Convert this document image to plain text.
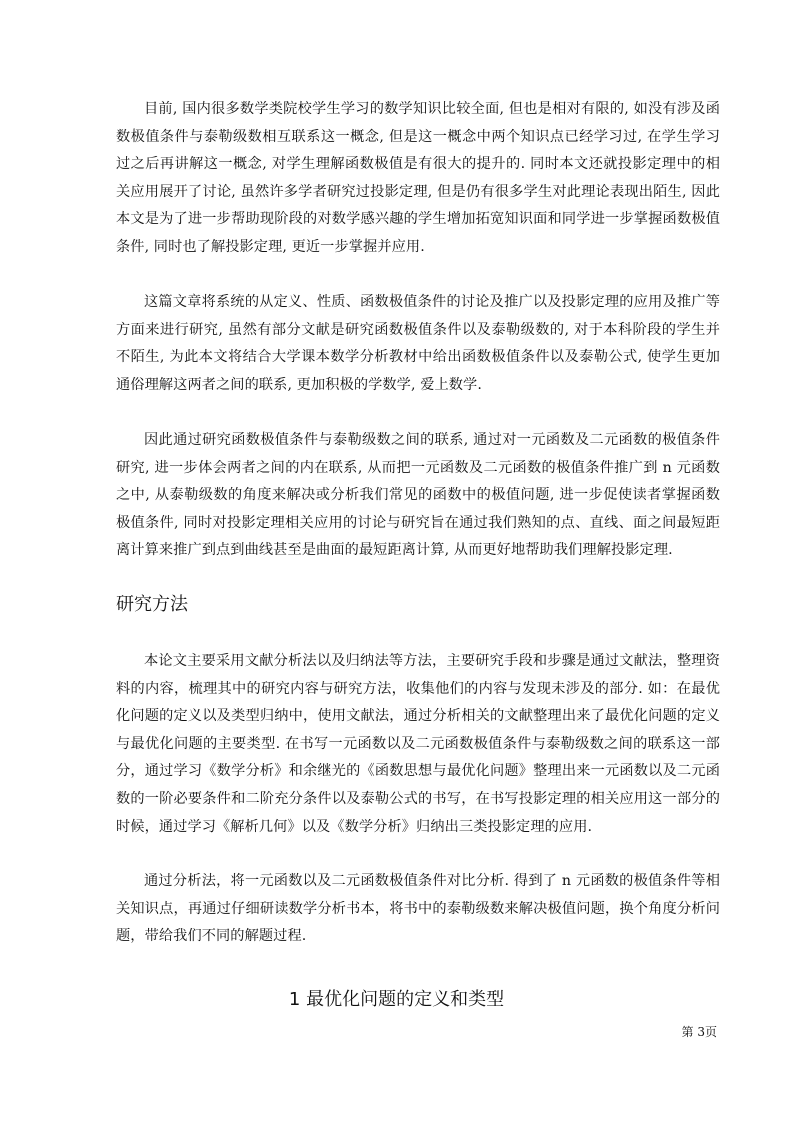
目前, 国内很多数学类院校学生学习的数学知识比较全面, 但也是相对有限的, 如没有涉及函数极值条件与泰勒级数相互联系这一概念, 但是这一概念中两个知识点已经学习过, 在学生学习过之后再讲解这一概念, 对学生理解函数极值是有很大的提升的. 同时本文还就投影定理中的相关应用展开了讨论, 虽然许多学者研究过投影定理, 但是仍有很多学生对此理论表现出陌生, 因此本文是为了进一步帮助现阶段的对数学感兴趣的学生增加拓宽知识面和同学进一步掌握函数极值条件, 同时也了解投影定理, 更近一步掌握并应用.

这篇文章将系统的从定义、性质、函数极值条件的讨论及推广以及投影定理的应用及推广等方面来进行研究, 虽然有部分文献是研究函数极值条件以及泰勒级数的, 对于本科阶段的学生并不陌生, 为此本文将结合大学课本数学分析教材中给出函数极值条件以及泰勒公式, 使学生更加通俗理解这两者之间的联系, 更加积极的学数学, 爱上数学.

因此通过研究函数极值条件与泰勒级数之间的联系, 通过对一元函数及二元函数的极值条件研究, 进一步体会两者之间的内在联系, 从而把一元函数及二元函数的极值条件推广到 n 元函数之中, 从泰勒级数的角度来解决或分析我们常见的函数中的极值问题, 进一步促使读者掌握函数极值条件, 同时对投影定理相关应用的讨论与研究旨在通过我们熟知的点、直线、面之间最短距离计算来推广到点到曲线甚至是曲面的最短距离计算, 从而更好地帮助我们理解投影定理.

研究方法

本论文主要采用文献分析法以及归纳法等方法，主要研究手段和步骤是通过文献法，整理资料的内容，梳理其中的研究内容与研究方法，收集他们的内容与发现未涉及的部分. 如：在最优化问题的定义以及类型归纳中，使用文献法，通过分析相关的文献整理出来了最优化问题的定义与最优化问题的主要类型. 在书写一元函数以及二元函数极值条件与泰勒级数之间的联系这一部分，通过学习《数学分析》和余继光的《函数思想与最优化问题》整理出来一元函数以及二元函数的一阶必要条件和二阶充分条件以及泰勒公式的书写，在书写投影定理的相关应用这一部分的时候，通过学习《解析几何》以及《数学分析》归纳出三类投影定理的应用.

通过分析法，将一元函数以及二元函数极值条件对比分析. 得到了 n 元函数的极值条件等相关知识点，再通过仔细研读数学分析书本，将书中的泰勒级数来解决极值问题，换个角度分析问题，带给我们不同的解题过程.

1 最优化问题的定义和类型
第 3页
